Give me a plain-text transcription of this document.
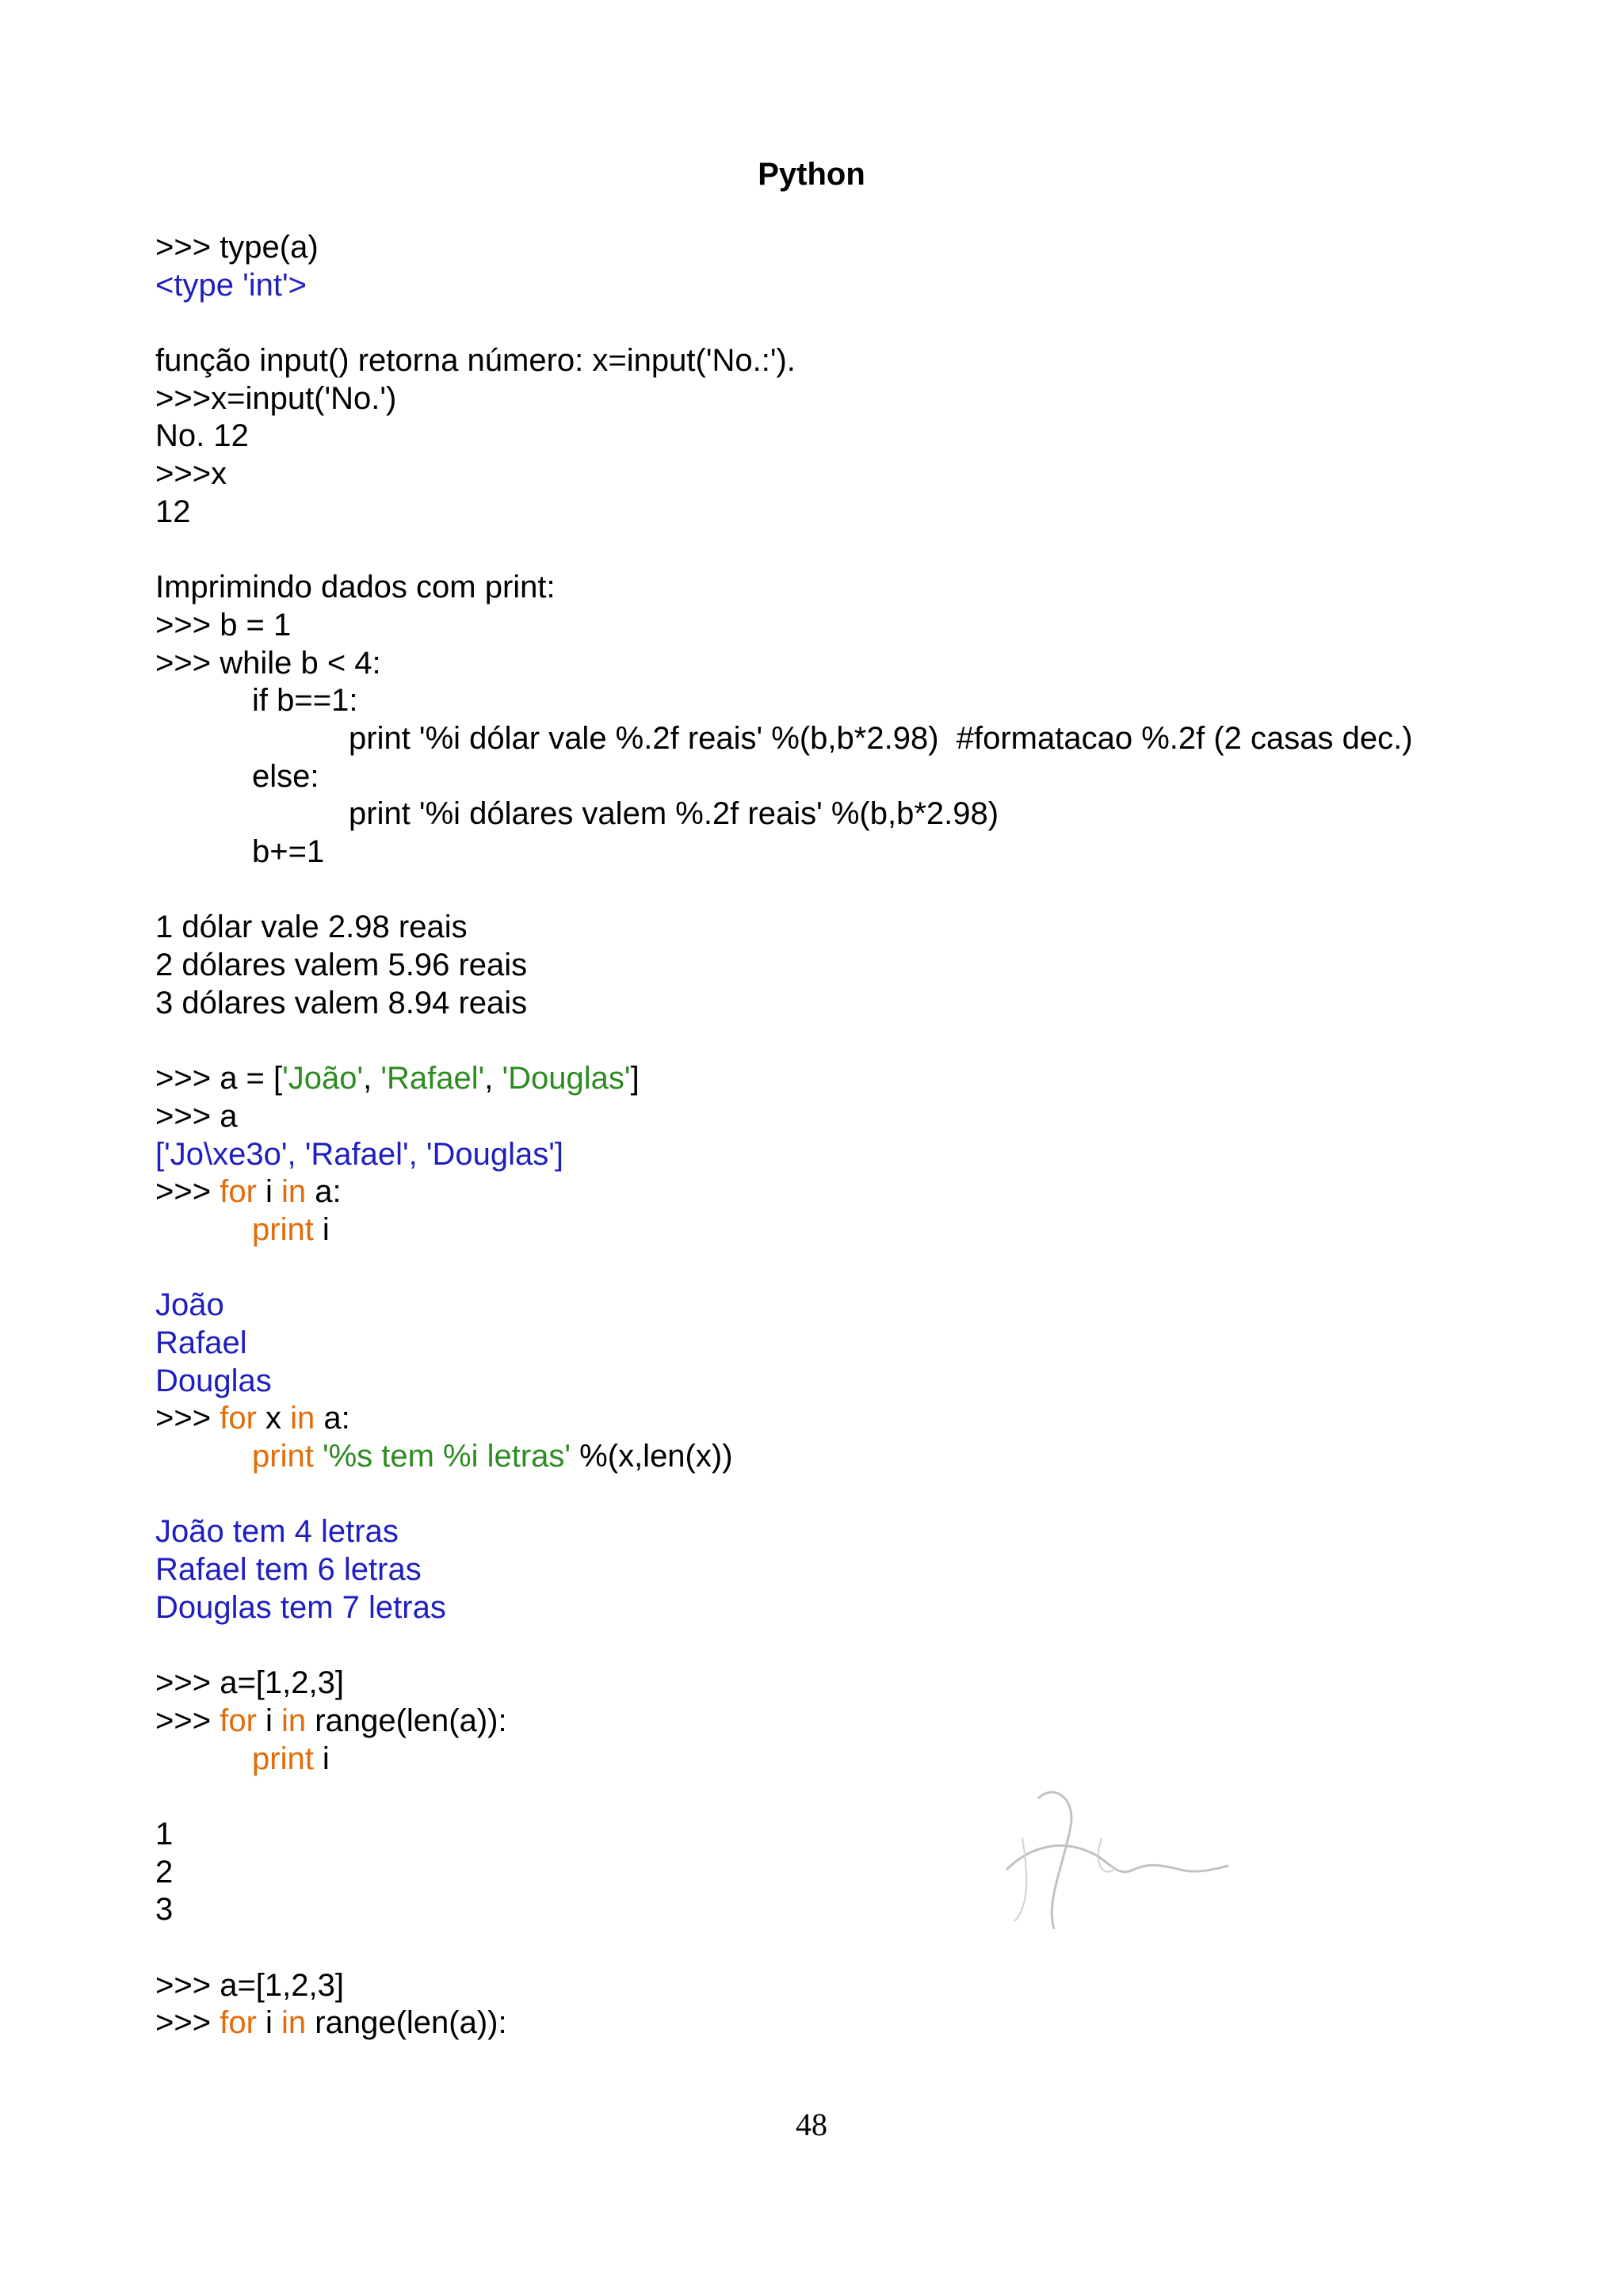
Python
>>> type(a)
<type 'int'>
função input() retorna número: x=input('No.:').
>>>x=input('No.')
No. 12
>>>x
12
Imprimindo dados com print:
>>> b = 1
>>> while b < 4:
if b==1:
print '%i dólar vale %.2f reais' %(b,b*2.98)  #formatacao %.2f (2 casas dec.)
else:
print '%i dólares valem %.2f reais' %(b,b*2.98)
b+=1
1 dólar vale 2.98 reais
2 dólares valem 5.96 reais
3 dólares valem 8.94 reais
>>> a = ['João', 'Rafael', 'Douglas']
>>> a
['Jo\xe3o', 'Rafael', 'Douglas']
>>> for i in a:
print i
João
Rafael
Douglas
>>> for x in a:
print '%s tem %i letras' %(x,len(x))
João tem 4 letras
Rafael tem 6 letras
Douglas tem 7 letras
>>> a=[1,2,3]
>>> for i in range(len(a)):
print i
1
2
3
>>> a=[1,2,3]
>>> for i in range(len(a)):
48
